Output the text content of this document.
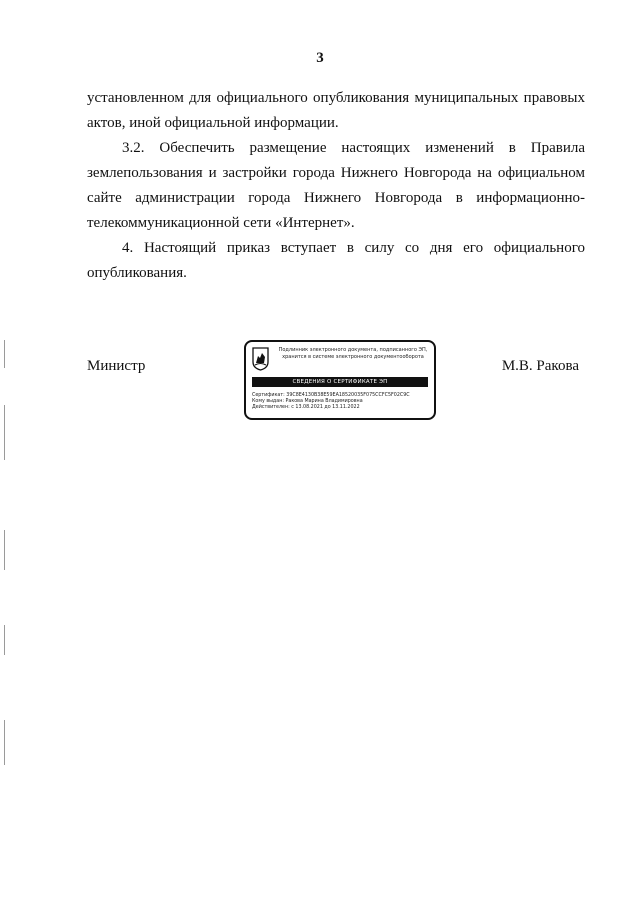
3

установленном для официального опубликования муниципальных правовых актов, иной официальной информации.

3.2. Обеспечить размещение настоящих изменений в Правила землепользования и застройки города Нижнего Новгорода на официальном сайте администрации города Нижнего Новгорода в информационно-телекоммуникационной сети «Интернет».

4. Настоящий приказ вступает в силу со дня его официального опубликования.

Министр	М.В. Ракова
Подлинник электронного документа, подписанного ЭП,
хранится в системе электронного документооборота
СВЕДЕНИЯ О СЕРТИФИКАТЕ ЭП
Сертификат: 39C8E4130B38E59EA18520035F075CCFC5F02C9C
Кому выдан: Ракова Марина Владимировна
Действителен: с 13.08.2021 до 13.11.2022
